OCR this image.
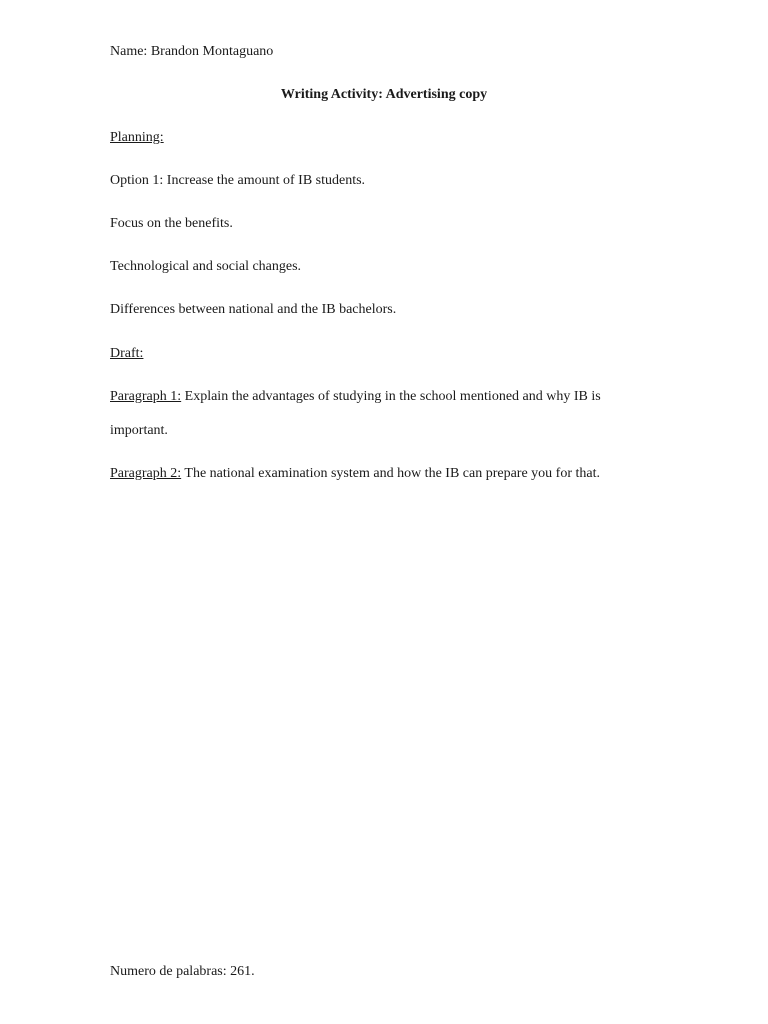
Name: Brandon Montaguano
Writing Activity: Advertising copy
Planning:
Option 1: Increase the amount of IB students.
Focus on the benefits.
Technological and social changes.
Differences between national and the IB bachelors.
Draft:
Paragraph 1: Explain the advantages of studying in the school mentioned and why IB is
important.
Paragraph 2: The national examination system and how the IB can prepare you for that.
Numero de palabras: 261.
